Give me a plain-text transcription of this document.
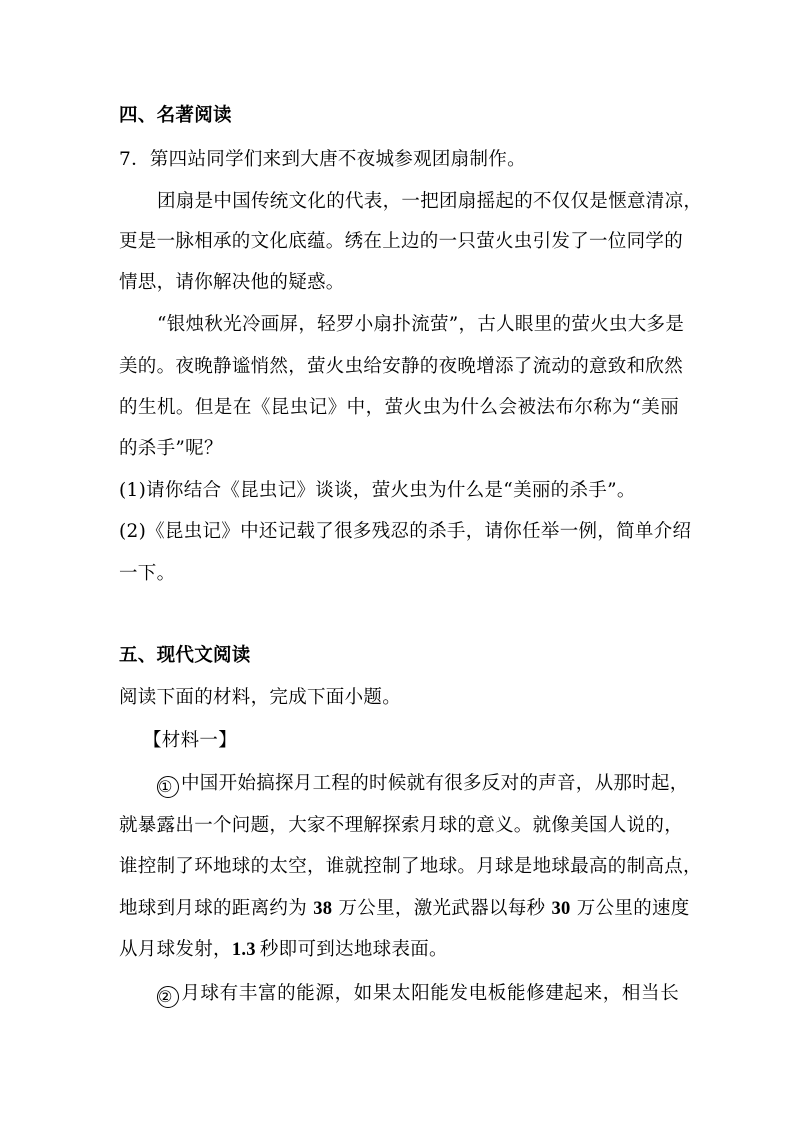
四、名著阅读
7．第四站同学们来到大唐不夜城参观团扇制作。
团扇是中国传统文化的代表，一把团扇摇起的不仅仅是惬意清凉，
更是一脉相承的文化底蕴。绣在上边的一只萤火虫引发了一位同学的
情思，请你解决他的疑惑。
“银烛秋光冷画屏，轻罗小扇扑流萤”，古人眼里的萤火虫大多是
美的。夜晚静谧悄然，萤火虫给安静的夜晚增添了流动的意致和欣然
的生机。但是在《昆虫记》中，萤火虫为什么会被法布尔称为“美丽
的杀手”呢？
(1)请你结合《昆虫记》谈谈，萤火虫为什么是“美丽的杀手”。
(2)《昆虫记》中还记载了很多残忍的杀手，请你任举一例，简单介绍
一下。
五、现代文阅读
阅读下面的材料，完成下面小题。
【材料一】
① 中国开始搞探月工程的时候就有很多反对的声音，从那时起，
就暴露出一个问题，大家不理解探索月球的意义。就像美国人说的，
谁控制了环地球的太空，谁就控制了地球。月球是地球最高的制高点，
地球到月球的距离约为 38 万公里，激光武器以每秒 30 万公里的速度
从月球发射，1.3 秒即可到达地球表面。
② 月球有丰富的能源，如果太阳能发电板能修建起来，相当长
